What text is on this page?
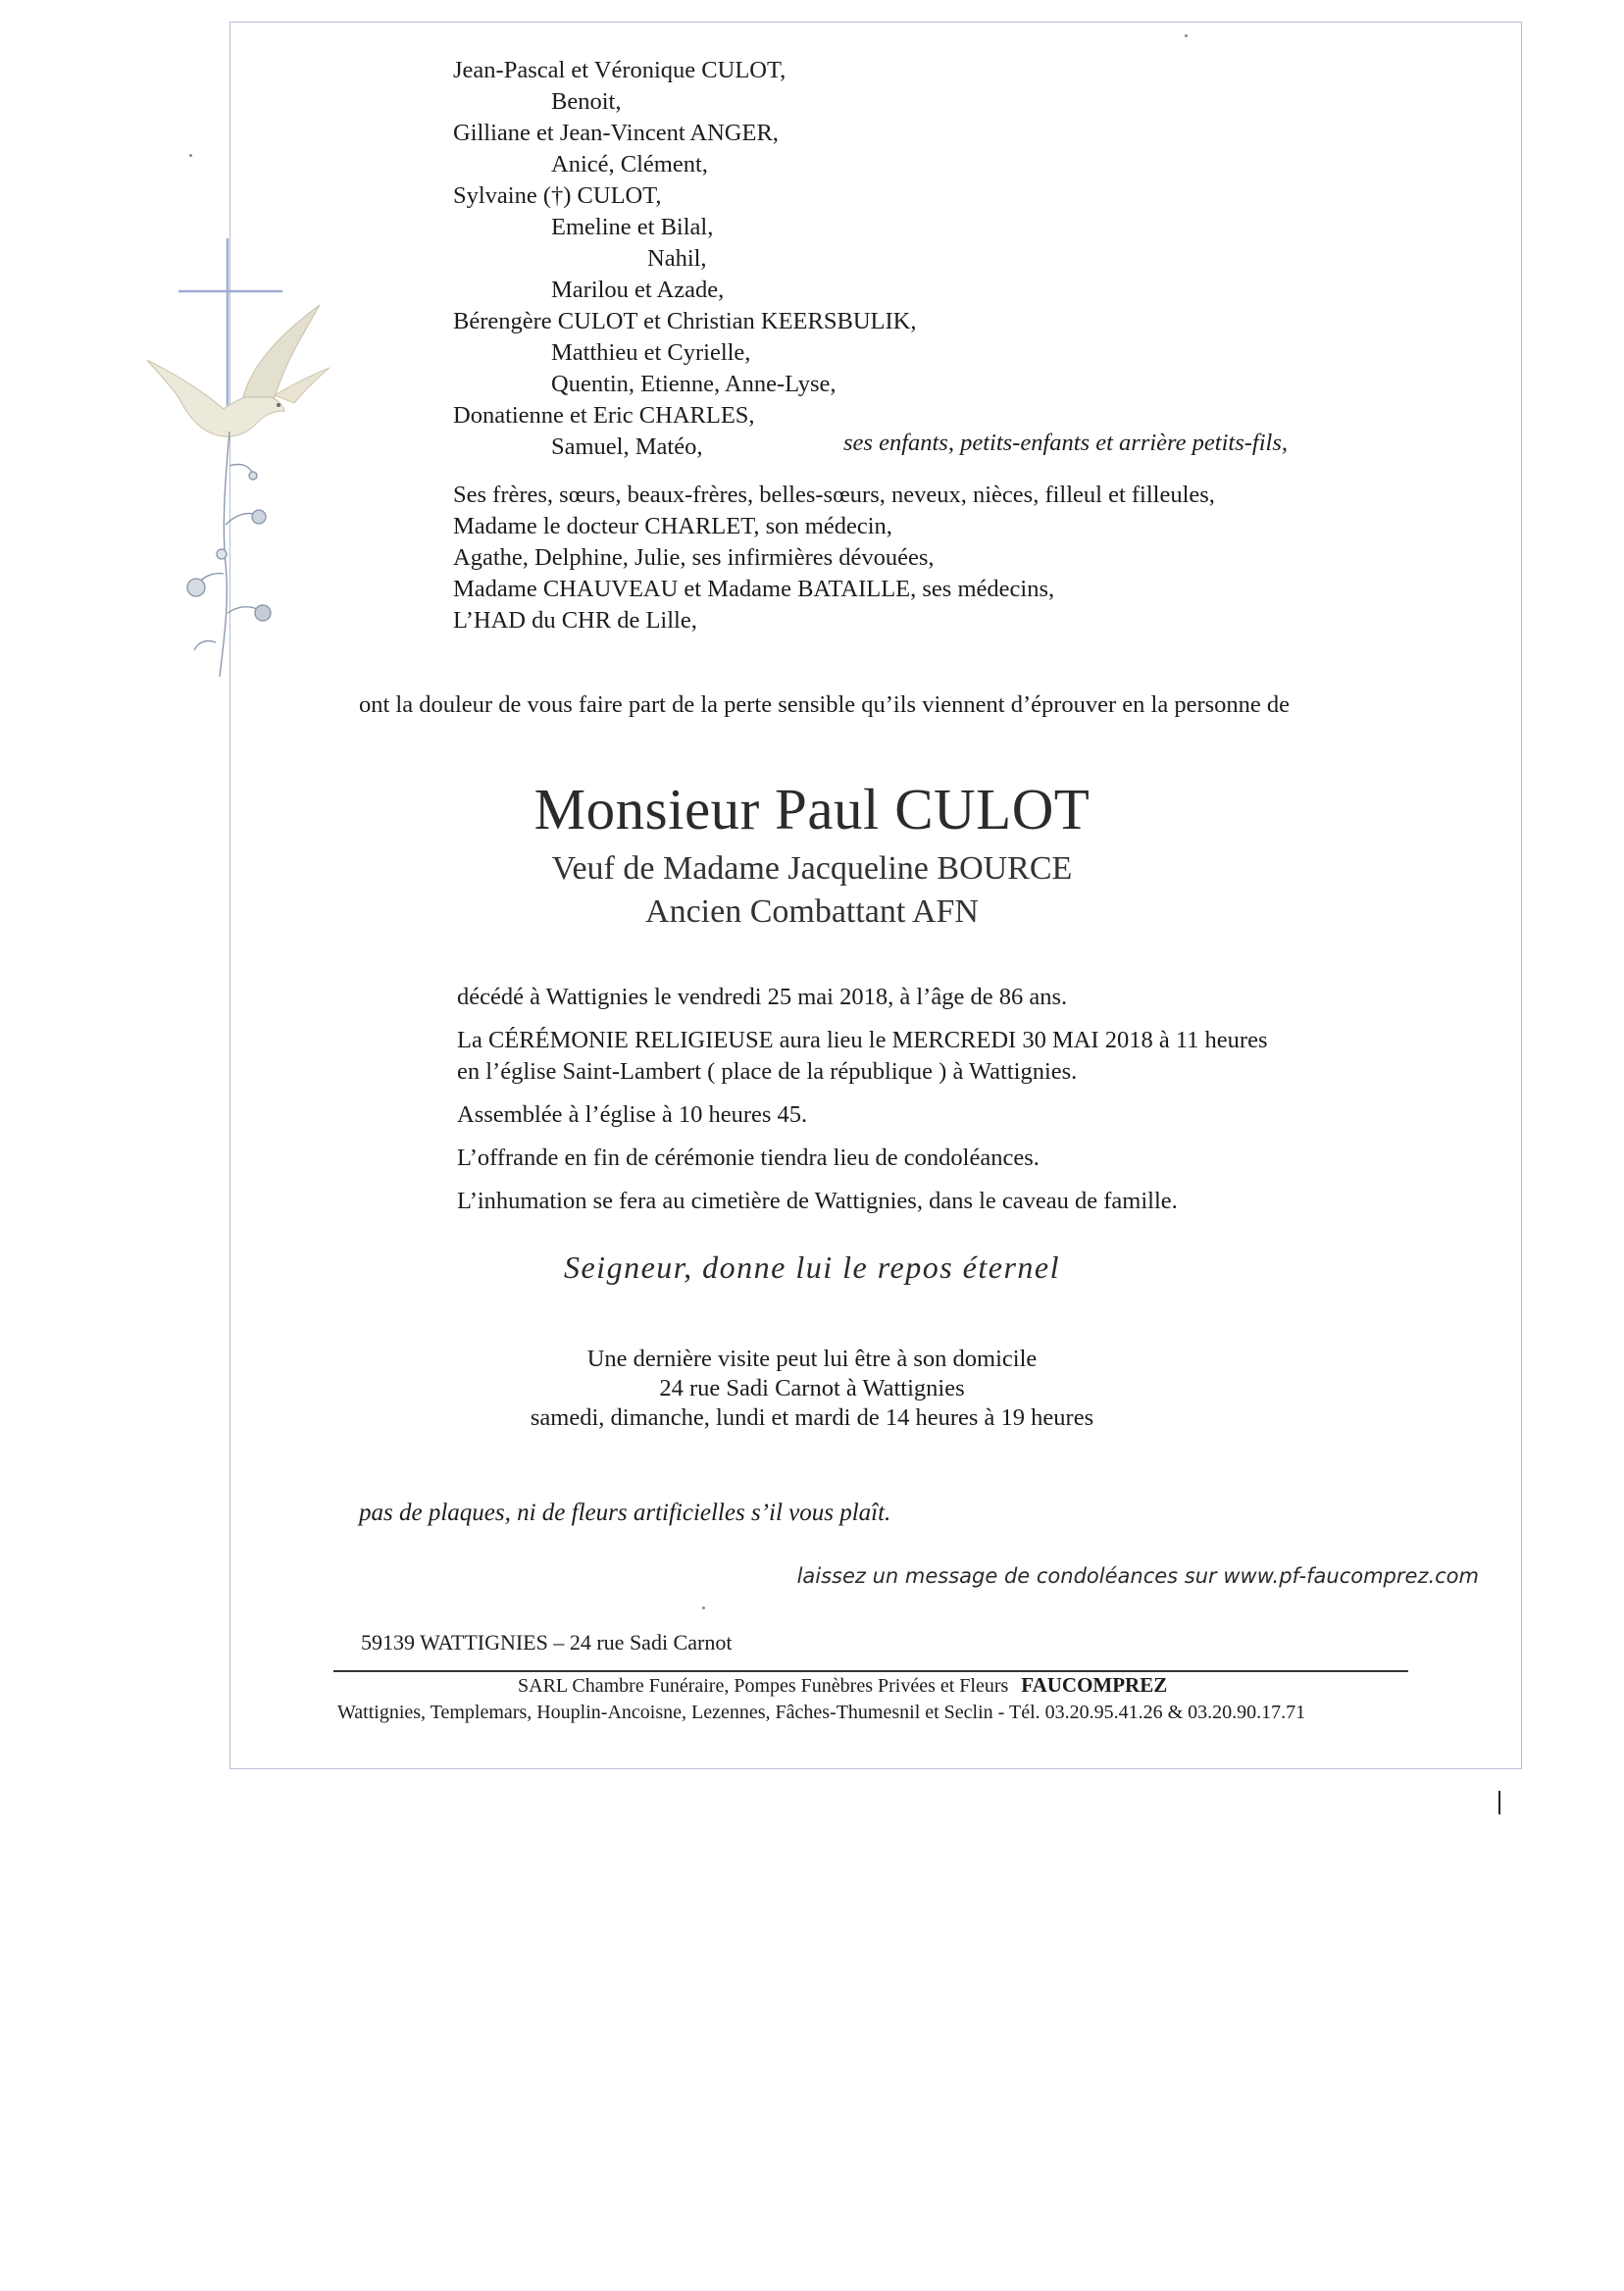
Jean-Pascal et Véronique CULOT,
Benoit,
Gilliane et Jean-Vincent ANGER,
Anicé, Clément,
Sylvaine (†) CULOT,
Emeline et Bilal,
Nahil,
Marilou et Azade,
Bérengère CULOT et Christian KEERSBULIK,
Matthieu et Cyrielle,
Quentin, Etienne, Anne-Lyse,
Donatienne et Eric CHARLES,
Samuel, Matéo,	ses enfants, petits-enfants et arrière petits-fils,
Ses frères, sœurs, beaux-frères, belles-sœurs, neveux, nièces, filleul et filleules,
Madame le docteur CHARLET, son médecin,
Agathe, Delphine, Julie, ses infirmières dévouées,
Madame CHAUVEAU et Madame BATAILLE, ses médecins,
L’HAD du CHR de Lille,
ont la douleur de vous faire part de la perte sensible qu’ils viennent d’éprouver en la personne de
Monsieur Paul CULOT
Veuf de Madame Jacqueline BOURCE
Ancien Combattant AFN
décédé à Wattignies le vendredi 25 mai 2018, à l’âge de 86 ans.
La CÉRÉMONIE RELIGIEUSE aura lieu le MERCREDI 30 MAI 2018 à 11 heures
en l’église Saint-Lambert ( place de la république ) à Wattignies.
Assemblée à l’église à 10 heures 45.
L’offrande en fin de cérémonie tiendra lieu de condoléances.
L’inhumation se fera au cimetière de Wattignies, dans le caveau de famille.
Seigneur, donne lui le repos éternel
Une dernière visite peut lui être à son domicile
24 rue Sadi Carnot à Wattignies
samedi, dimanche, lundi et mardi de 14 heures à 19 heures
pas de plaques, ni de fleurs artificielles s’il vous plaît.
laissez un message de condoléances sur www.pf-faucomprez.com
59139 WATTIGNIES – 24 rue Sadi Carnot
SARL Chambre Funéraire, Pompes Funèbres Privées et Fleurs FAUCOMPREZ
Wattignies, Templemars, Houplin-Ancoisne, Lezennes, Fâches-Thumesnil et Seclin - Tél. 03.20.95.41.26 & 03.20.90.17.71
